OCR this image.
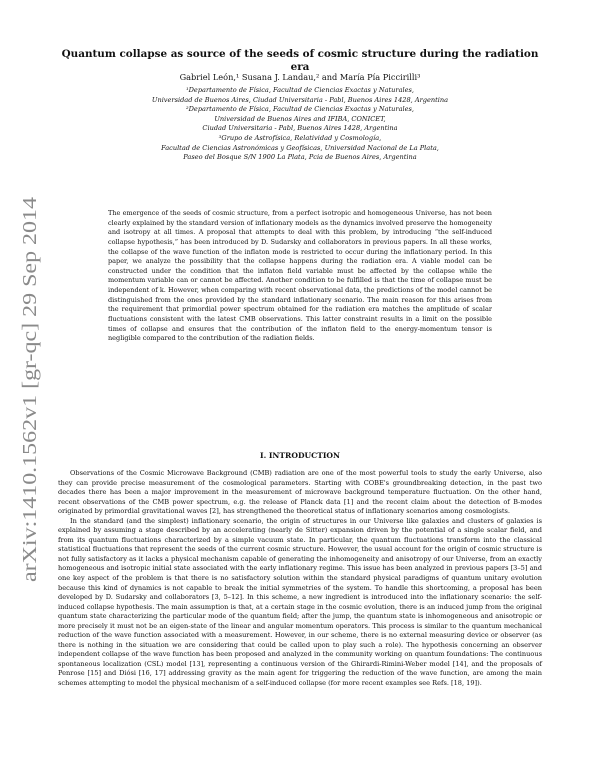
arXiv:1410.1562v1 [gr-qc] 29 Sep 2014
Quantum collapse as source of the seeds of cosmic structure during the radiation era
Gabriel León,¹ Susana J. Landau,² and María Pía Piccirilli³
¹Departamento de Física, Facultad de Ciencias Exactas y Naturales,
Universidad de Buenos Aires, Ciudad Universitaria - Pabl, Buenos Aires 1428, Argentina
²Departamento de Física, Facultad de Ciencias Exactas y Naturales,
Universidad de Buenos Aires and IFIBA, CONICET,
Ciudad Universitaria - Pabl, Buenos Aires 1428, Argentina
³Grupo de Astrofísica, Relatividad y Cosmología,
Facultad de Ciencias Astronómicas y Geofísicas, Universidad Nacional de La Plata,
Paseo del Bosque S/N 1900 La Plata, Pcia de Buenos Aires, Argentina
The emergence of the seeds of cosmic structure, from a perfect isotropic and homogeneous Universe, has not been clearly explained by the standard version of inflationary models as the dynamics involved preserve the homogeneity and isotropy at all times. A proposal that attempts to deal with this problem, by introducing “the self-induced collapse hypothesis,” has been introduced by D. Sudarsky and collaborators in previous papers. In all these works, the collapse of the wave function of the inflaton mode is restricted to occur during the inflationary period. In this paper, we analyze the possibility that the collapse happens during the radiation era. A viable model can be constructed under the condition that the inflaton field variable must be affected by the collapse while the momentum variable can or cannot be affected. Another condition to be fulfilled is that the time of collapse must be independent of k. However, when comparing with recent observational data, the predictions of the model cannot be distinguished from the ones provided by the standard inflationary scenario. The main reason for this arises from the requirement that primordial power spectrum obtained for the radiation era matches the amplitude of scalar fluctuations consistent with the latest CMB observations. This latter constraint results in a limit on the possible times of collapse and ensures that the contribution of the inflaton field to the energy-momentum tensor is negligible compared to the contribution of the radiation fields.
I. INTRODUCTION

Observations of the Cosmic Microwave Background (CMB) radiation are one of the most powerful tools to study the early Universe, also they can provide precise measurement of the cosmological parameters. Starting with COBE's groundbreaking detection, in the past two decades there has been a major improvement in the measurement of microwave background temperature fluctuation. On the other hand, recent observations of the CMB power spectrum, e.g. the release of Planck data [1] and the recent claim about the detection of B-modes originated by primordial gravitational waves [2], has strengthened the theoretical status of inflationary scenarios among cosmologists.

In the standard (and the simplest) inflationary scenario, the origin of structures in our Universe like galaxies and clusters of galaxies is explained by assuming a stage described by an accelerating (nearly de Sitter) expansion driven by the potential of a single scalar field, and from its quantum fluctuations characterized by a simple vacuum state. In particular, the quantum fluctuations transform into the classical statistical fluctuations that represent the seeds of the current cosmic structure. However, the usual account for the origin of cosmic structure is not fully satisfactory as it lacks a physical mechanism capable of generating the inhomogeneity and anisotropy of our Universe, from an exactly homogeneous and isotropic initial state associated with the early inflationary regime. This issue has been analyzed in previous papers [3–5] and one key aspect of the problem is that there is no satisfactory solution within the standard physical paradigms of quantum unitary evolution because this kind of dynamics is not capable to break the initial symmetries of the system. To handle this shortcoming, a proposal has been developed by D. Sudarsky and collaborators [3, 5–12]. In this scheme, a new ingredient is introduced into the inflationary scenario: the self-induced collapse hypothesis. The main assumption is that, at a certain stage in the cosmic evolution, there is an induced jump from the original quantum state characterizing the particular mode of the quantum field; after the jump, the quantum state is inhomogeneous and anisotropic or more precisely it must not be an eigen-state of the linear and angular momentum operators. This process is similar to the quantum mechanical reduction of the wave function associated with a measurement. However, in our scheme, there is no external measuring device or observer (as there is nothing in the situation we are considering that could be called upon to play such a role). The hypothesis concerning an observer independent collapse of the wave function has been proposed and analyzed in the community working on quantum foundations: The continuous spontaneous localization (CSL) model [13], representing a continuous version of the Ghirardi-Rimini-Weber model [14], and the proposals of Penrose [15] and Diósi [16, 17] addressing gravity as the main agent for triggering the reduction of the wave function, are among the main schemes attempting to model the physical mechanism of a self-induced collapse (for more recent examples see Refs. [18, 19]).
